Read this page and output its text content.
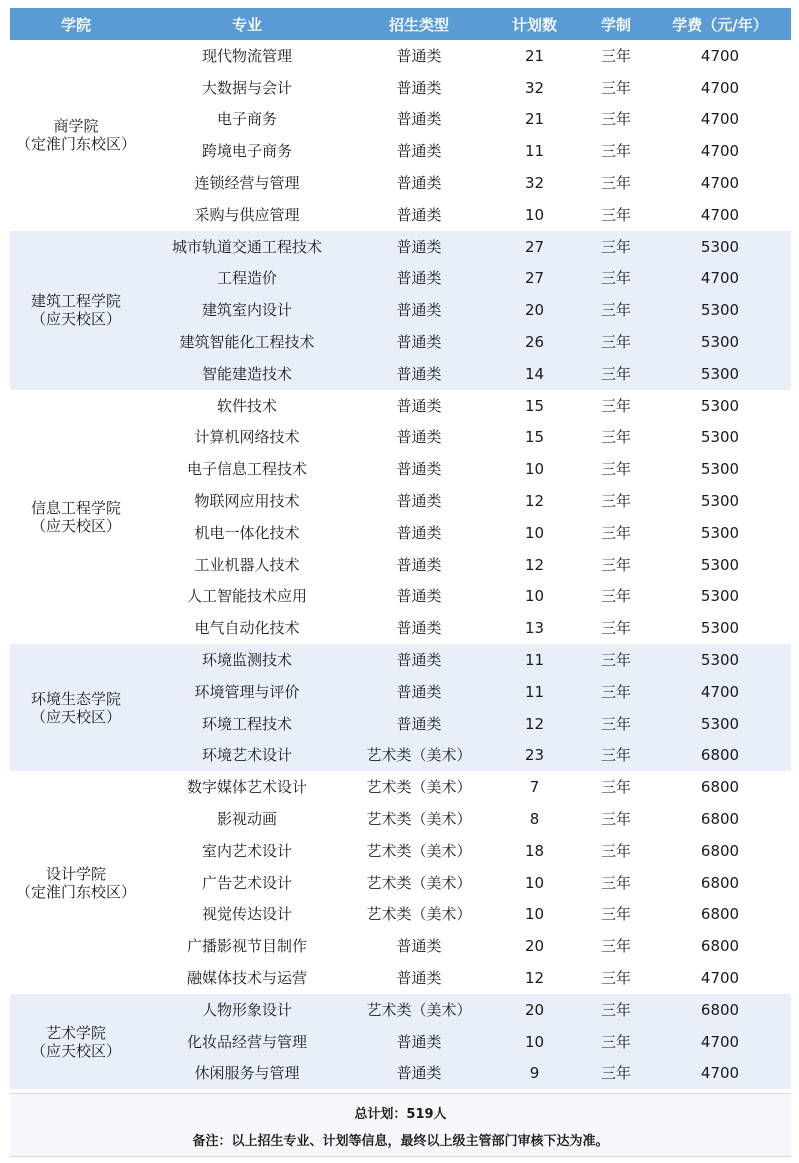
学院	专业	招生类型	计划数	学制	学费（元/年）

商学院
（定淮门东校区）	现代物流管理	普通类	21	三年	4700
	大数据与会计	普通类	32	三年	4700
	电子商务	普通类	21	三年	4700
	跨境电子商务	普通类	11	三年	4700
	连锁经营与管理	普通类	32	三年	4700
	采购与供应管理	普通类	10	三年	4700

建筑工程学院
（应天校区）	城市轨道交通工程技术	普通类	27	三年	5300
	工程造价	普通类	27	三年	4700
	建筑室内设计	普通类	20	三年	5300
	建筑智能化工程技术	普通类	26	三年	5300
	智能建造技术	普通类	14	三年	5300

信息工程学院
（应天校区）	软件技术	普通类	15	三年	5300
	计算机网络技术	普通类	15	三年	5300
	电子信息工程技术	普通类	10	三年	5300
	物联网应用技术	普通类	12	三年	5300
	机电一体化技术	普通类	10	三年	5300
	工业机器人技术	普通类	12	三年	5300
	人工智能技术应用	普通类	10	三年	5300
	电气自动化技术	普通类	13	三年	5300

环境生态学院
（应天校区）	环境监测技术	普通类	11	三年	5300
	环境管理与评价	普通类	11	三年	4700
	环境工程技术	普通类	12	三年	5300
	环境艺术设计	艺术类（美术）	23	三年	6800

设计学院
（定淮门东校区）	数字媒体艺术设计	艺术类（美术）	7	三年	6800
	影视动画	艺术类（美术）	8	三年	6800
	室内艺术设计	艺术类（美术）	18	三年	6800
	广告艺术设计	艺术类（美术）	10	三年	6800
	视觉传达设计	艺术类（美术）	10	三年	6800
	广播影视节目制作	普通类	20	三年	6800
	融媒体技术与运营	普通类	12	三年	4700

艺术学院
（应天校区）	人物形象设计	艺术类（美术）	20	三年	6800
	化妆品经营与管理	普通类	10	三年	4700
	休闲服务与管理	普通类	9	三年	4700
总计划：519人
备注：以上招生专业、计划等信息，最终以上级主管部门审核下达为准。
